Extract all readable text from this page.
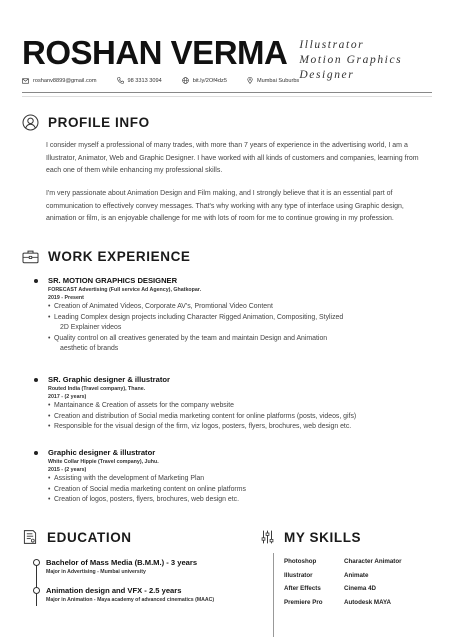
ROSHAN VERMA Illustrator
Motion Graphics Designer
roshanv8899@gmail.com	98 3313 3094	bit.ly/2Of4dz5	Mumbai Suburbs
PROFILE INFO
I consider myself a professional of many trades, with more than 7 years of experience in the advertising world, I am a Illustrator, Animator, Web and Graphic Designer. I have worked with all kinds of customers and companies, learning from each one of them while enhancing my professional skills.
I'm very passionate about Animation Design and Film making, and I strongly believe that it is an essential part of communication to effectively convey messages. That's why working with any type of interface using Graphic design, animation or film, is an enjoyable challenge for me with lots of room for me to continue growing in my profession.
WORK EXPERIENCE
SR. MOTION GRAPHICS DESIGNER
FORECAST Advertising (Full service Ad Agency), Ghatkopar.
2019 - Present
• Creation of Animated Videos, Corporate AV's, Promtional Video Content
• Leading Complex design projects including Character Rigged Animation, Compositing, Stylized
2D Explainer videos
• Quality control on all creatives generated by the team and maintain Design and Animation
aesthetic of brands
SR. Graphic designer & illustrator
Routed India (Travel company), Thane.
2017 - (2 years)
• Mantainance & Creation of assets for the company website
• Creation and distribution of Social media marketing content for online platforms (posts, videos, gifs)
• Responsible for the visual design of the firm, viz logos, posters, flyers, brochures, web design etc.
Graphic designer & illustrator
White Collar Hippie (Travel company), Juhu.
2015 - (2 years)
• Assisting with the development of Marketing Plan
• Creation of Social media marketing content on online platforms
• Creation of logos, posters, flyers, brochures, web design etc.
EDUCATION
Bachelor of Mass Media (B.M.M.) - 3 years
Major in Advertising - Mumbai university
Animation design and VFX - 2.5 years
Major in Animation - Maya academy of advanced cinematics (MAAC)
MY SKILLS
Photoshop	Character Animator
Illustrator	Animate
After Effects	Cinema 4D
Premiere Pro	Autodesk MAYA
